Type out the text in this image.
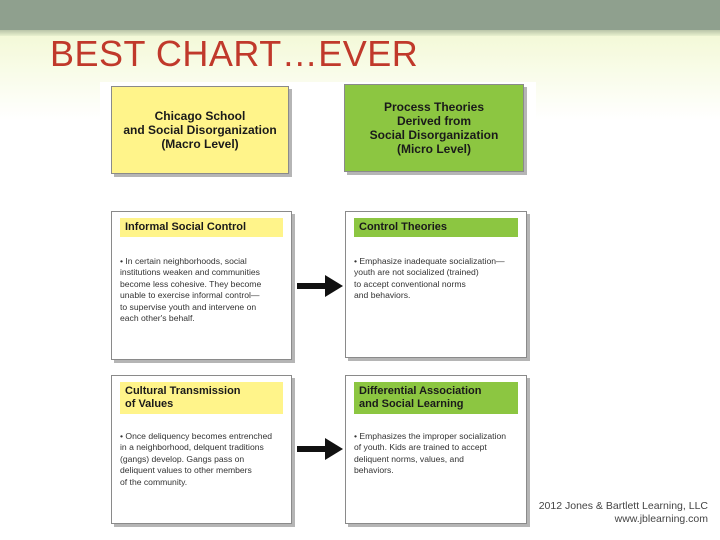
BEST CHART…EVER
Chicago School
and Social Disorganization
(Macro Level)
Process Theories
Derived from
Social Disorganization
(Micro Level)
Informal Social Control
• In certain neighborhoods, social
institutions weaken and communities
become less cohesive. They become
unable to exercise informal control—
to supervise youth and intervene on
each other's behalf.
Control Theories
• Emphasize inadequate socialization—
youth are not socialized (trained)
to accept conventional norms
and behaviors.
Cultural Transmission
of Values
• Once deliquency becomes entrenched
in a neighborhood, delquent traditions
(gangs) develop. Gangs pass on
deliquent values to other members
of the community.
Differential Association
and Social Learning
• Emphasizes the improper socialization
of youth. Kids are trained to accept
deliquent norms, values, and
behaviors.
2012 Jones & Bartlett Learning, LLC
www.jblearning.com
